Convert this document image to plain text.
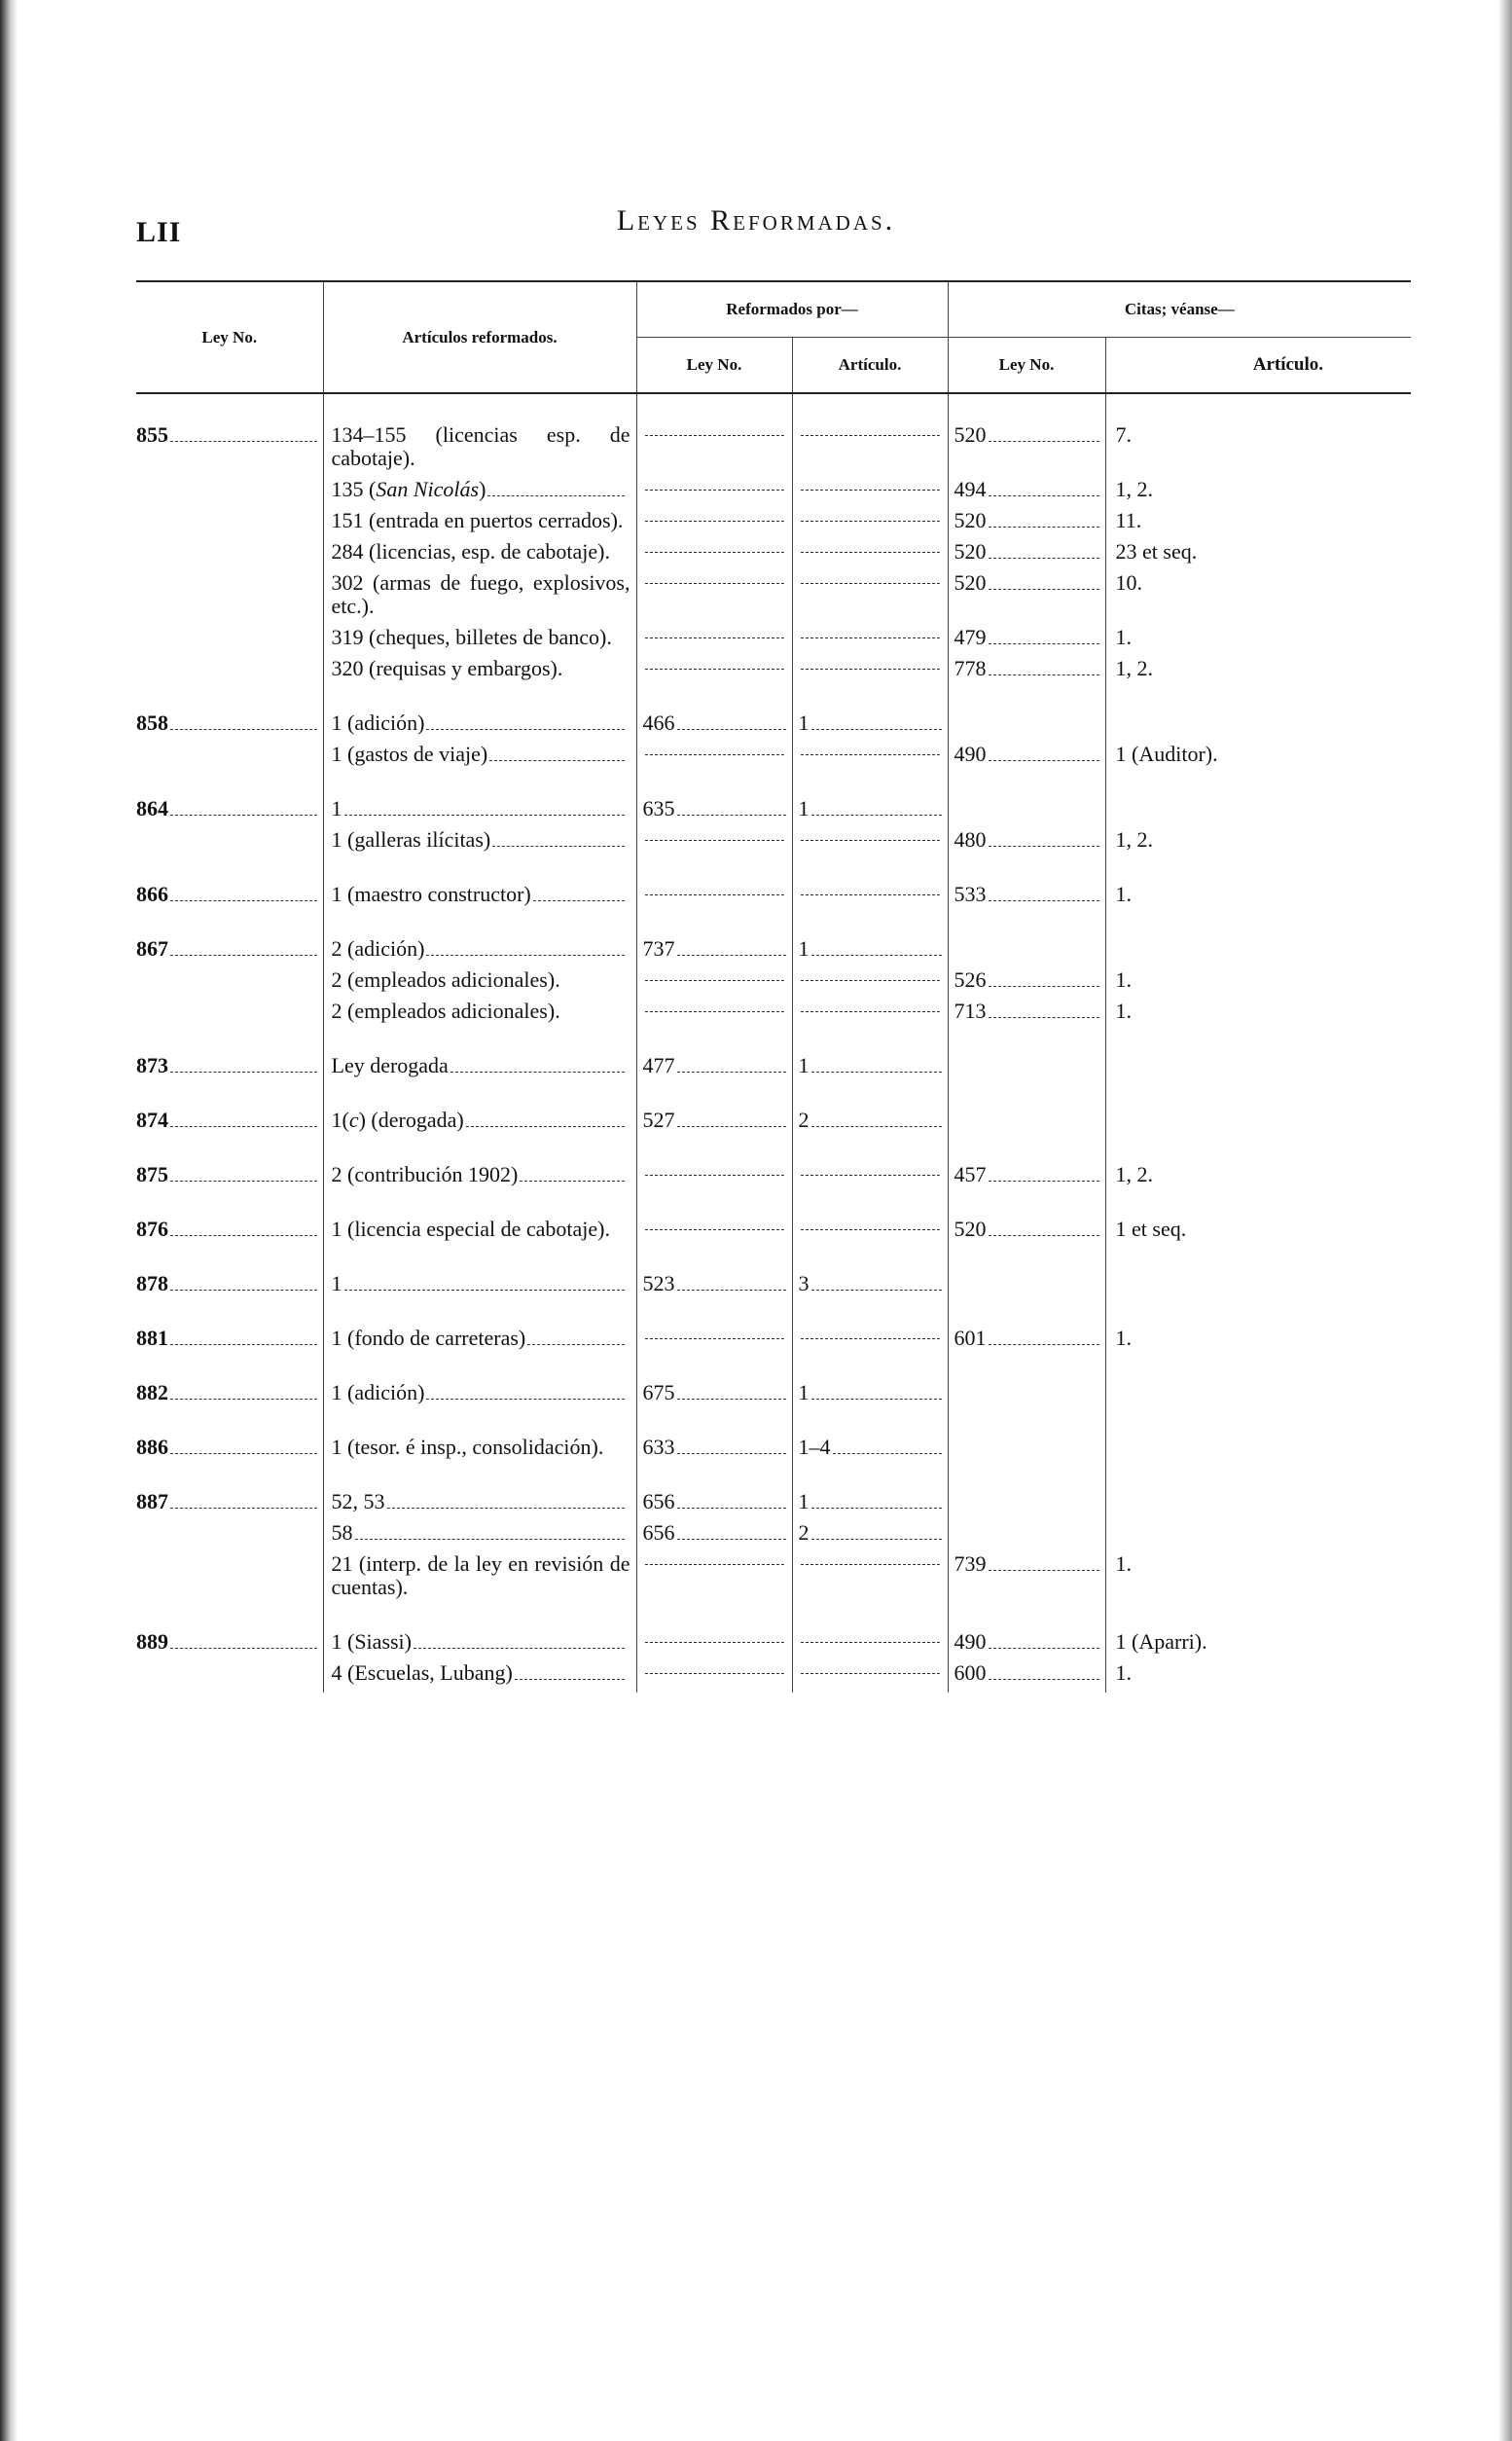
LII	Leyes Reformadas.
Ley No.	Artículos reformados.	Reformados por—		Citas; véanse—	
		Ley No.	Artículo.	Ley No.	Artículo.

855	134–155 (licencias esp. de cabotaje).			520	7.

	135 (San Nicolás)			494	1, 2.
	151 (entrada en puertos cerrados).			520	11.
	284 (licencias, esp. de cabotaje).			520	23 et seq.
	302 (armas de fuego, explosivos, etc.).			520	10.
	319 (cheques, billetes de banco).			479	1.
	320 (requisas y embargos).			778	1, 2.

858	1 (adición)	466	1		

	1 (gastos de viaje)			490	1 (Auditor).

864	1	635	1		

	1 (galleras ilícitas)			480	1, 2.

866	1 (maestro constructor)			533	1.

867	2 (adición)	737	1		

	2 (empleados adicionales).			526	1.
	2 (empleados adicionales).			713	1.

873	Ley derogada	477	1		

874	1(c) (derogada)	527	2		

875	2 (contribución 1902)			457	1, 2.

876	1 (licencia especial de cabotaje).			520	1 et seq.

878	1	523	3		

881	1 (fondo de carreteras)			601	1.

882	1 (adición)	675	1		

886	1 (tesor. é insp., consolidación).	633	1–4		

887	52, 53	656	1		

	58	656	2		

	21 (interp. de la ley en revisión de cuentas).			739	1.

889	1 (Siassi)			490	1 (Aparri).

	4 (Escuelas, Lubang)			600	1.
